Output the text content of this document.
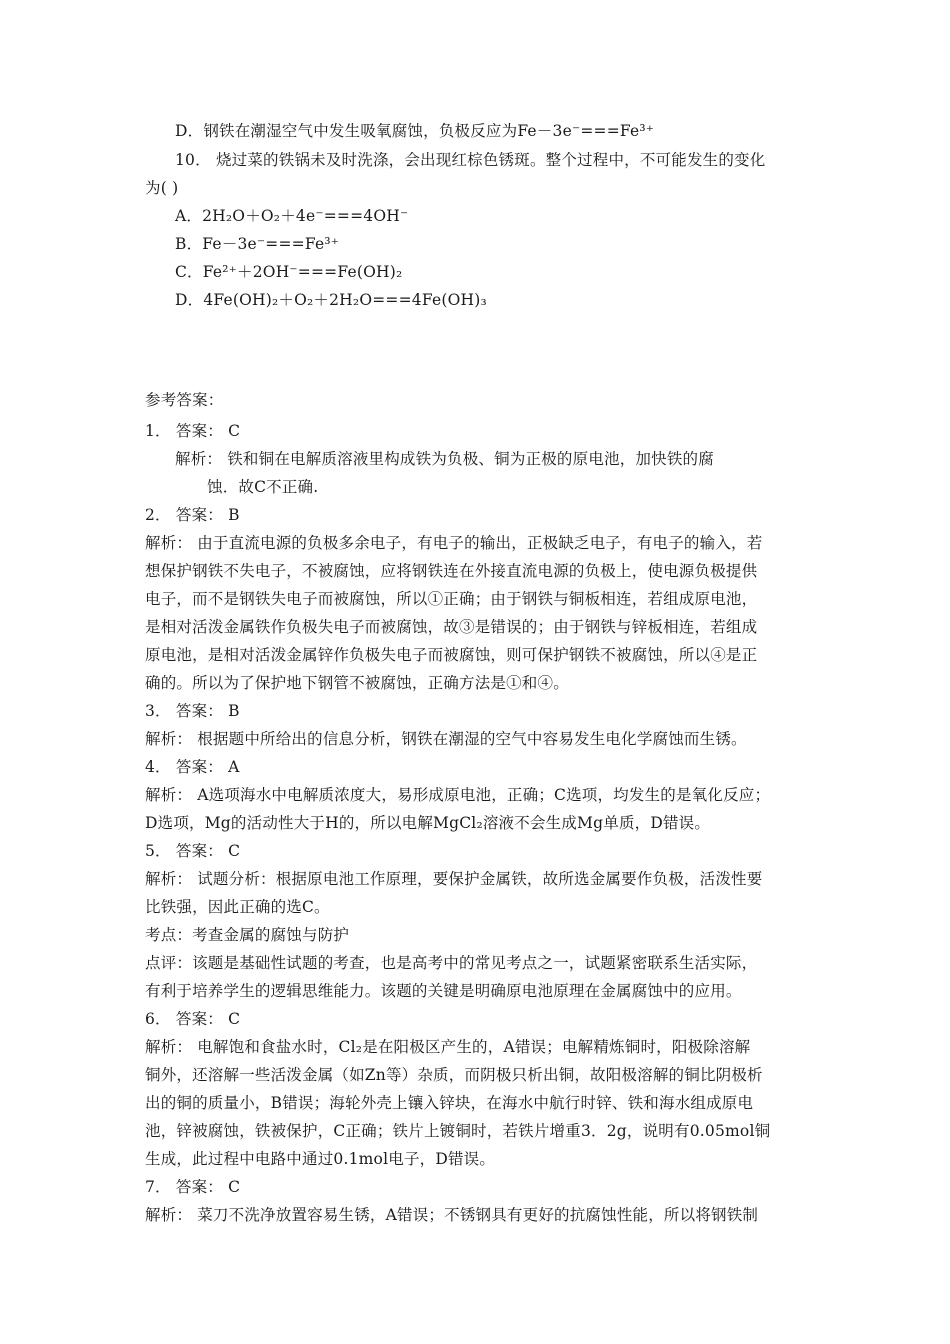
D．钢铁在潮湿空气中发生吸氧腐蚀，负极反应为Fe－3e⁻===Fe³⁺
10． 烧过菜的铁锅未及时洗涤，会出现红棕色锈斑。整个过程中，不可能发生的变化
为( )
A．2H₂O＋O₂＋4e⁻===4OH⁻
B．Fe－3e⁻===Fe³⁺
C．Fe²⁺＋2OH⁻===Fe(OH)₂
D．4Fe(OH)₂＋O₂＋2H₂O===4Fe(OH)₃
参考答案：
1． 答案： C
解析： 铁和铜在电解质溶液里构成铁为负极、铜为正极的原电池，加快铁的腐
蚀．故C不正确.
2． 答案： B
解析： 由于直流电源的负极多余电子，有电子的输出，正极缺乏电子，有电子的输入，若
想保护钢铁不失电子，不被腐蚀，应将钢铁连在外接直流电源的负极上，使电源负极提供
电子，而不是钢铁失电子而被腐蚀，所以①正确；由于钢铁与铜板相连，若组成原电池，
是相对活泼金属铁作负极失电子而被腐蚀，故③是错误的；由于钢铁与锌板相连，若组成
原电池，是相对活泼金属锌作负极失电子而被腐蚀，则可保护钢铁不被腐蚀，所以④是正
确的。所以为了保护地下钢管不被腐蚀，正确方法是①和④。
3． 答案： B
解析： 根据题中所给出的信息分析，钢铁在潮湿的空气中容易发生电化学腐蚀而生锈。
4． 答案： A
解析： A选项海水中电解质浓度大，易形成原电池，正确；C选项，均发生的是氧化反应；
D选项，Mg的活动性大于H的，所以电解MgCl₂溶液不会生成Mg单质，D错误。
5． 答案： C
解析： 试题分析：根据原电池工作原理，要保护金属铁，故所选金属要作负极，活泼性要
比铁强，因此正确的选C。
考点：考查金属的腐蚀与防护
点评：该题是基础性试题的考查，也是高考中的常见考点之一，试题紧密联系生活实际，
有利于培养学生的逻辑思维能力。该题的关键是明确原电池原理在金属腐蚀中的应用。
6． 答案： C
解析： 电解饱和食盐水时，Cl₂是在阳极区产生的，A错误；电解精炼铜时，阳极除溶解
铜外，还溶解一些活泼金属（如Zn等）杂质，而阴极只析出铜，故阳极溶解的铜比阴极析
出的铜的质量小，B错误；海轮外壳上镶入锌块，在海水中航行时锌、铁和海水组成原电
池，锌被腐蚀，铁被保护，C正确；铁片上镀铜时，若铁片增重3．2g，说明有0.05mol铜
生成，此过程中电路中通过0.1mol电子，D错误。
7． 答案： C
解析： 菜刀不洗净放置容易生锈，A错误；不锈钢具有更好的抗腐蚀性能，所以将钢铁制
